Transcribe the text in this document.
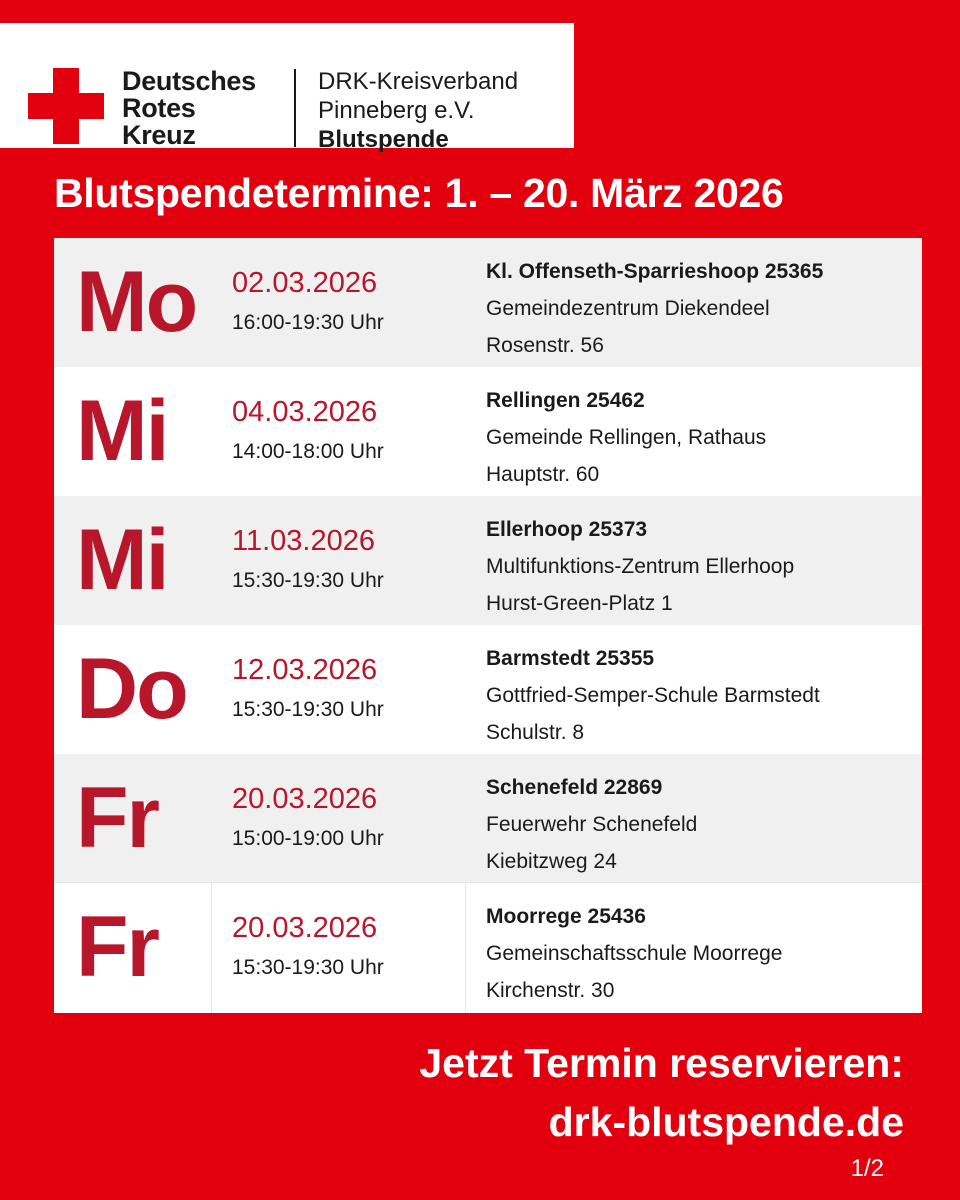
Deutsches
Rotes
Kreuz
DRK-Kreisverband
Pinneberg e.V.
Blutspende
Blutspendetermine: 1. – 20. März 2026
Mo 02.03.2026
16:00-19:30 Uhr
Kl. Offenseth-Sparrieshoop 25365
Gemeindezentrum Diekendeel
Rosenstr. 56
Mi 04.03.2026
14:00-18:00 Uhr
Rellingen 25462
Gemeinde Rellingen, Rathaus
Hauptstr. 60
Mi 11.03.2026
15:30-19:30 Uhr
Ellerhoop 25373
Multifunktions-Zentrum Ellerhoop
Hurst-Green-Platz 1
Do 12.03.2026
15:30-19:30 Uhr
Barmstedt 25355
Gottfried-Semper-Schule Barmstedt
Schulstr. 8
Fr	20.03.2026
15:00-19:00 Uhr
Schenefeld 22869
Feuerwehr Schenefeld
Kiebitzweg 24
Fr	20.03.2026
15:30-19:30 Uhr
Moorrege 25436
Gemeinschaftsschule Moorrege
Kirchenstr. 30
Jetzt Termin reservieren:
drk-blutspende.de
1/2
